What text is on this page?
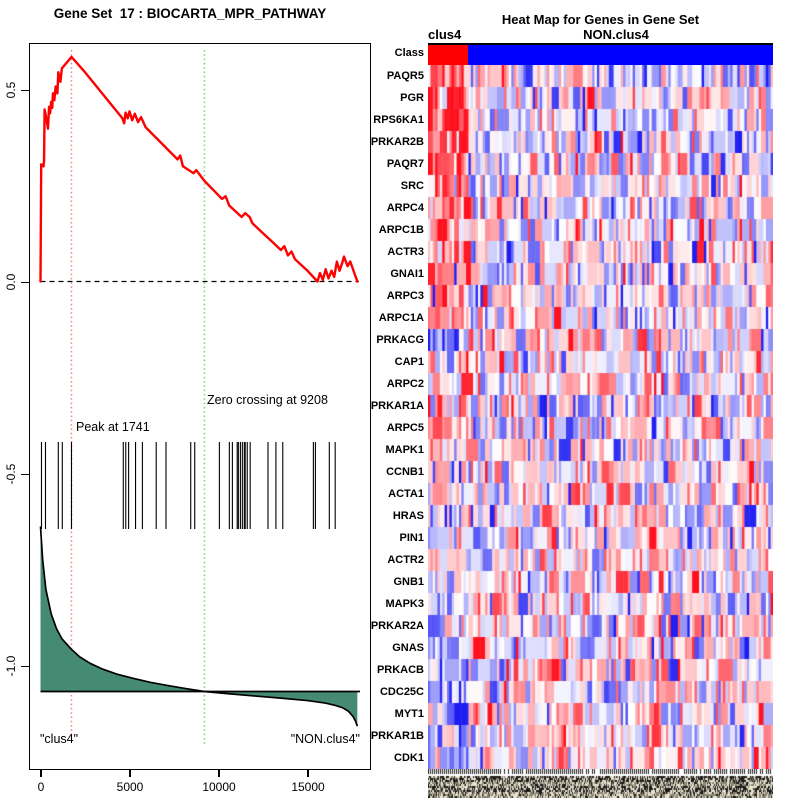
Gene Set  17 : BIOCARTA_MPR_PATHWAY
Peak at 1741
Zero crossing at 9208
"clus4"	"NON.clus4"
0.5
0.0
-0.5
-1.0
0	5000	10000	15000
Heat Map for Genes in Gene Set
clus4	NON.clus4
Class
PAQR5
PGR
RPS6KA1
PRKAR2B
PAQR7
SRC
ARPC4
ARPC1B
ACTR3
GNAI1
ARPC3
ARPC1A
PRKACG
CAP1
ARPC2
PRKAR1A
ARPC5
MAPK1
CCNB1
ACTA1
HRAS
PIN1
ACTR2
GNB1
MAPK3
PRKAR2A
GNAS
PRKACB
CDC25C
MYT1
PRKAR1B
CDK1
